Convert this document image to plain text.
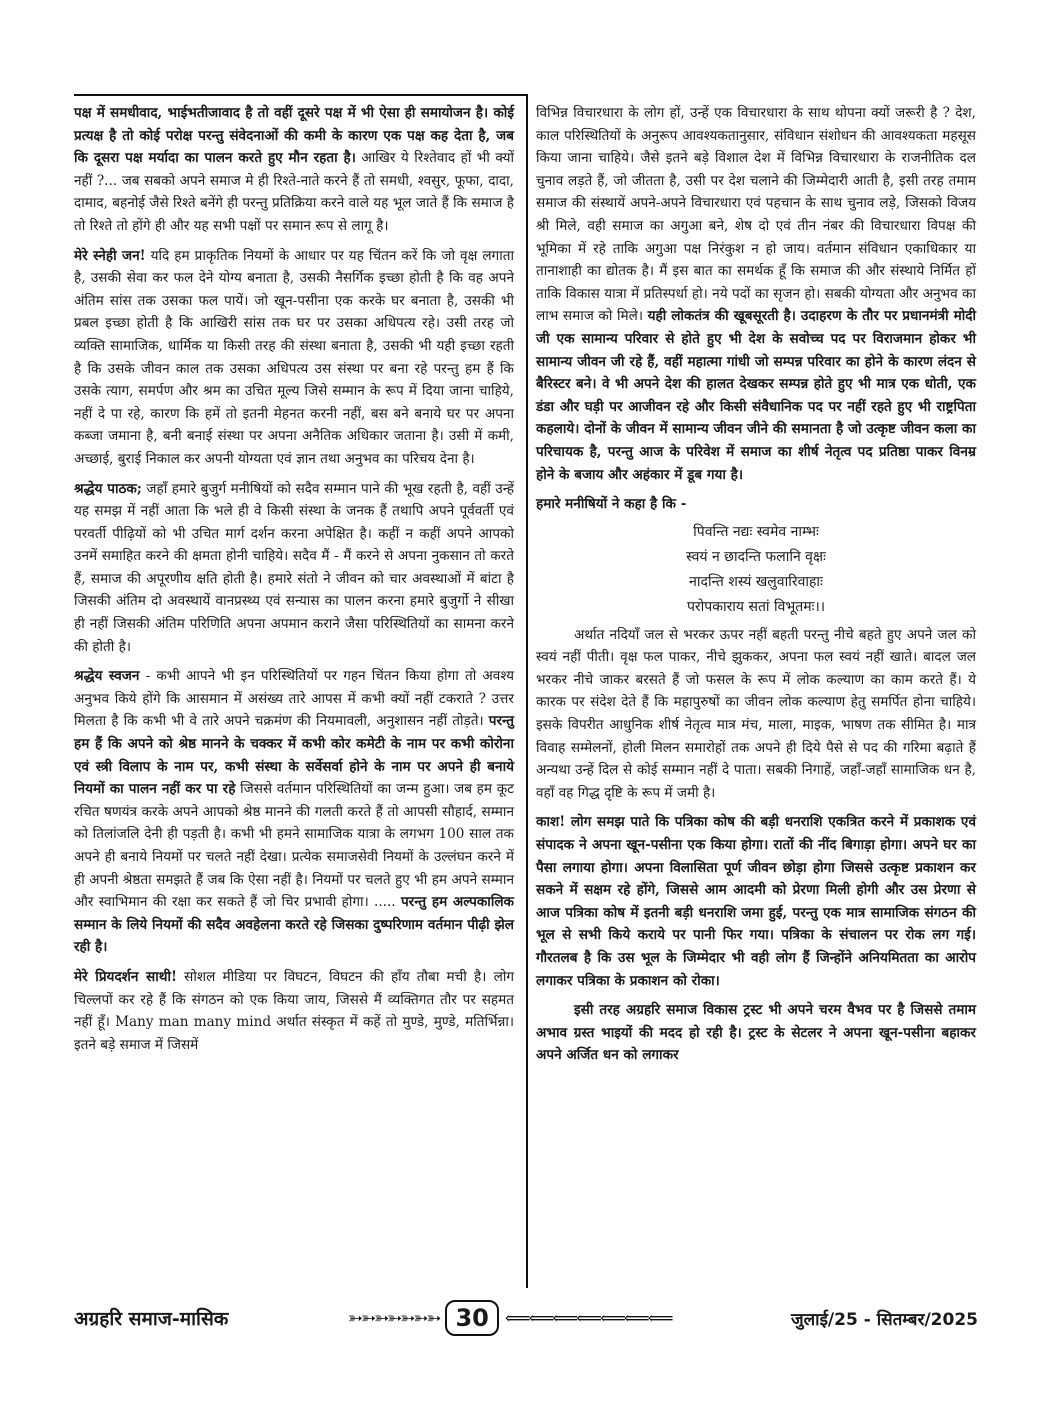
पक्ष में समधीवाद, भाईभतीजावाद है तो वहीं दूसरे पक्ष में भी ऐसा ही समायोजन है। कोई प्रत्यक्ष है तो कोई परोक्ष परन्तु संवेदनाओं की कमी के कारण एक पक्ष कह देता है, जब कि दूसरा पक्ष मर्यादा का पालन करते हुए मौन रहता है। आखिर ये रिश्तेवाद हों भी क्यों नहीं ?... जब सबको अपने समाज मे ही रिश्ते-नाते करने हैं तो समधी, श्वसुर, फूफा, दादा, दामाद, बहनोई जैसे रिश्ते बनेंगे ही परन्तु प्रतिक्रिया करने वाले यह भूल जाते हैं कि समाज है तो रिश्ते तो होंगे ही और यह सभी पक्षों पर समान रूप से लागू है।

मेरे स्नेही जन! यदि हम प्राकृतिक नियमों के आधार पर यह चिंतन करें कि जो वृक्ष लगाता है, उसकी सेवा कर फल देने योग्य बनाता है, उसकी नैसर्गिक इच्छा होती है कि वह अपने अंतिम सांस तक उसका फल पायें। जो खून-पसीना एक करके घर बनाता है, उसकी भी प्रबल इच्छा होती है कि आखिरी सांस तक घर पर उसका अधिपत्य रहे। उसी तरह जो व्यक्ति सामाजिक, धार्मिक या किसी तरह की संस्था बनाता है, उसकी भी यही इच्छा रहती है कि उसके जीवन काल तक उसका अधिपत्य उस संस्था पर बना रहे परन्तु हम हैं कि उसके त्याग, समर्पण और श्रम का उचित मूल्य जिसे सम्मान के रूप में दिया जाना चाहिये, नहीं दे पा रहे, कारण कि हमें तो इतनी मेहनत करनी नहीं, बस बने बनाये घर पर अपना कब्जा जमाना है, बनी बनाई संस्था पर अपना अनैतिक अधिकार जताना है। उसी में कमी, अच्छाई, बुराई निकाल कर अपनी योग्यता एवं ज्ञान तथा अनुभव का परिचय देना है।

श्रद्धेय पाठक; जहाँ हमारे बुजुर्ग मनीषियों को सदैव सम्मान पाने की भूख रहती है, वहीं उन्हें यह समझ में नहीं आता कि भले ही वे किसी संस्था के जनक हैं तथापि अपने पूर्ववर्ती एवं परवर्ती पीढ़ियों को भी उचित मार्ग दर्शन करना अपेक्षित है। कहीं न कहीं अपने आपको उनमें समाहित करने की क्षमता होनी चाहिये। सदैव मैं - मैं करने से अपना नुकसान तो करते हैं, समाज की अपूरणीय क्षति होती है। हमारे संतो ने जीवन को चार अवस्थाओं में बांटा है जिसकी अंतिम दो अवस्थायें वानप्रस्थ्य एवं सन्यास का पालन करना हमारे बुजुर्गो ने सीखा ही नहीं जिसकी अंतिम परिणिति अपना अपमान कराने जैसा परिस्थितियों का सामना करने की होती है।

श्रद्धेय स्वजन - कभी आपने भी इन परिस्थितियों पर गहन चिंतन किया होगा तो अवश्य अनुभव किये होंगे कि आसमान में असंख्य तारे आपस में कभी क्यों नहीं टकराते ? उत्तर मिलता है कि कभी भी वे तारे अपने चक्रमंण की नियमावली, अनुशासन नहीं तोड़ते। परन्तु हम हैं कि अपने को श्रेष्ठ मानने के चक्कर में कभी कोर कमेटी के नाम पर कभी कोरोना एवं स्त्री विलाप के नाम पर, कभी संस्था के सर्वेसर्वा होने के नाम पर अपने ही बनाये नियमों का पालन नहीं कर पा रहे जिससे वर्तमान परिस्थितियों का जन्म हुआ। जब हम कूट रचित षणयंत्र करके अपने आपको श्रेष्ठ मानने की गलती करते हैं तो आपसी सौहार्द, सम्मान को तिलांजलि देनी ही पड़ती है। कभी भी हमने सामाजिक यात्रा के लगभग 100 साल तक अपने ही बनाये नियमों पर चलते नहीं देखा। प्रत्येक समाजसेवी नियमों के उल्लंघन करने में ही अपनी श्रेष्ठता समझते हैं जब कि ऐसा नहीं है। नियमों पर चलते हुए भी हम अपने सम्मान और स्वाभिमान की रक्षा कर सकते हैं जो चिर प्रभावी होगा। ..... परन्तु हम अल्पकालिक सम्मान के लिये नियमों की सदैव अवहेलना करते रहे जिसका दुष्परिणाम वर्तमान पीढ़ी झेल रही है।

मेरे प्रियदर्शन साथी! सोशल मीडिया पर विघटन, विघटन की हाँय तौबा मची है। लोग चिल्लपों कर रहे हैं कि संगठन को एक किया जाय, जिससे मैं व्यक्तिगत तौर पर सहमत नहीं हूँ। Many man many mind अर्थात संस्कृत में कहें तो मुण्डे, मुण्डे, मतिर्भिन्ना। इतने बड़े समाज में जिसमें

विभिन्न विचारधारा के लोग हों, उन्हें एक विचारधारा के साथ थोपना क्यों जरूरी है ? देश, काल परिस्थितियों के अनुरूप आवश्यकतानुसार, संविधान संशोधन की आवश्यकता महसूस किया जाना चाहिये। जैसे इतने बड़े विशाल देश में विभिन्न विचारधारा के राजनीतिक दल चुनाव लड़ते हैं, जो जीतता है, उसी पर देश चलाने की जिम्मेदारी आती है, इसी तरह तमाम समाज की संस्थायें अपने-अपने विचारधारा एवं पहचान के साथ चुनाव लड़े, जिसको विजय श्री मिले, वही समाज का अगुआ बने, शेष दो एवं तीन नंबर की विचारधारा विपक्ष की भूमिका में रहे ताकि अगुआ पक्ष निरंकुश न हो जाय। वर्तमान संविधान एकाधिकार या तानाशाही का द्योतक है। मैं इस बात का समर्थक हूँ कि समाज की और संस्थाये निर्मित हों ताकि विकास यात्रा में प्रतिस्पर्धा हो। नये पदों का सृजन हो। सबकी योग्यता और अनुभव का लाभ समाज को मिले। यही लोकतंत्र की खूबसूरती है। उदाहरण के तौर पर प्रधानमंत्री मोदी जी एक सामान्य परिवार से होते हुए भी देश के सवोच्च पद पर विराजमान होकर भी सामान्य जीवन जी रहे हैं, वहीं महात्मा गांधी जो सम्पन्न परिवार का होने के कारण लंदन से बैरिस्टर बने। वे भी अपने देश की हालत देखकर सम्पन्न होते हुए भी मात्र एक धोती, एक डंडा और घड़ी पर आजीवन रहे और किसी संवैधानिक पद पर नहीं रहते हुए भी राष्ट्रपिता कहलाये। दोनों के जीवन में सामान्य जीवन जीने की समानता है जो उत्कृष्ट जीवन कला का परिचायक है, परन्तु आज के परिवेश में समाज का शीर्ष नेतृत्व पद प्रतिष्ठा पाकर विनम्र होने के बजाय और अहंकार में डूब गया है।

हमारे मनीषियों ने कहा है कि -

पिवन्ति नद्यः स्वमेव नाम्भः

स्वयं न छादन्ति फलानि वृक्षः

नादन्ति शस्यं खलुवारिवाहाः

परोपकाराय सतां विभूतमः।।

अर्थात नदियाँ जल से भरकर ऊपर नहीं बहती परन्तु नीचे बहते हुए अपने जल को स्वयं नहीं पीती। वृक्ष फल पाकर, नीचे झुककर, अपना फल स्वयं नहीं खाते। बादल जल भरकर नीचे जाकर बरसते हैं जो फसल के रूप में लोक कल्याण का काम करते हैं। ये कारक पर संदेश देते हैं कि महापुरुषों का जीवन लोक कल्याण हेतु समर्पित होना चाहिये। इसके विपरीत आधुनिक शीर्ष नेतृत्व मात्र मंच, माला, माइक, भाषण तक सीमित है। मात्र विवाह सम्मेलनों, होली मिलन समारोहों तक अपने ही दिये पैसे से पद की गरिमा बढ़ाते हैं अन्यथा उन्हें दिल से कोई सम्मान नहीं दे पाता। सबकी निगाहें, जहाँ-जहाँ सामाजिक धन है, वहाँ वह गिद्ध दृष्टि के रूप में जमी है।

काश! लोग समझ पाते कि पत्रिका कोष की बड़ी धनराशि एकत्रित करने में प्रकाशक एवं संपादक ने अपना खून-पसीना एक किया होगा। रातों की नींद बिगाड़ा होगा। अपने घर का पैसा लगाया होगा। अपना विलासिता पूर्ण जीवन छोड़ा होगा जिससे उत्कृष्ट प्रकाशन कर सकने में सक्षम रहे होंगे, जिससे आम आदमी को प्रेरणा मिली होगी और उस प्रेरणा से आज पत्रिका कोष में इतनी बड़ी धनराशि जमा हुई, परन्तु एक मात्र सामाजिक संगठन की भूल से सभी किये कराये पर पानी फिर गया। पत्रिका के संचालन पर रोक लग गई। गौरतलब है कि उस भूल के जिम्मेदार भी वही लोग हैं जिन्होंने अनियमितता का आरोप लगाकर पत्रिका के प्रकाशन को रोका।

इसी तरह अग्रहरि समाज विकास ट्रस्ट भी अपने चरम वैभव पर है जिससे तमाम अभाव ग्रस्त भाइयों की मदद हो रही है। ट्रस्ट के सेटलर ने अपना खून-पसीना बहाकर अपने अर्जित धन को लगाकर

अग्रहरि समाज-मासिक	➳➳➳➳➳➳➳ 30 ⟸⟸⟸⟸⟸⟸⟸	जुलाई/25 - सितम्बर/2025
